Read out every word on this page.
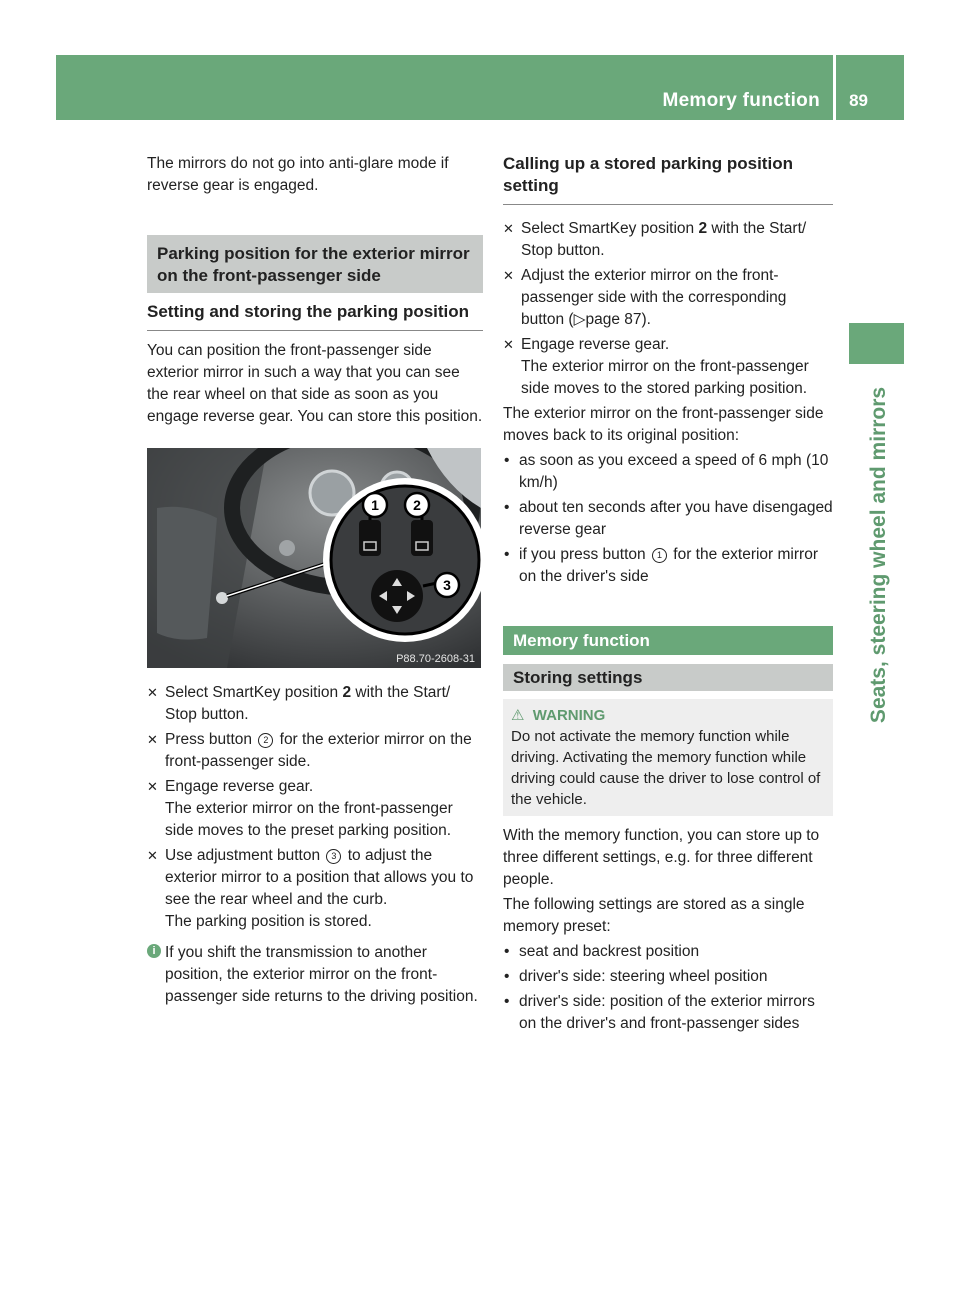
Memory function 89
Seats, steering wheel and mirrors

The mirrors do not go into anti-glare mode if reverse gear is engaged.

Parking position for the exterior mirror on the front-passenger side
Setting and storing the parking position

You can position the front-passenger side exterior mirror in such a way that you can see the rear wheel on that side as soon as you engage reverse gear. You can store this position.

1 2
3
P88.70-2608-31
✕ Select SmartKey position 2 with the Start/ Stop button.
✕ Press button 2 for the exterior mirror on the front-passenger side.
✕ Engage reverse gear.
The exterior mirror on the front-passenger side moves to the preset parking position.
✕ Use adjustment button 3 to adjust the exterior mirror to a position that allows you to see the rear wheel and the curb.
The parking position is stored.
i If you shift the transmission to another position, the exterior mirror on the front-passenger side returns to the driving position.
Calling up a stored parking position setting
✕ Select SmartKey position 2 with the Start/ Stop button.
✕ Adjust the exterior mirror on the front-passenger side with the corresponding button (▷page 87).
✕ Engage reverse gear.
The exterior mirror on the front-passenger side moves to the stored parking position.

The exterior mirror on the front-passenger side moves back to its original position:

• as soon as you exceed a speed of 6 mph (10 km/h)
• about ten seconds after you have disengaged reverse gear
• if you press button 1 for the exterior mirror on the driver's side
Memory function
Storing settings
⚠ WARNING
Do not activate the memory function while driving. Activating the memory function while driving could cause the driver to lose control of the vehicle.

With the memory function, you can store up to three different settings, e.g. for three different people.

The following settings are stored as a single memory preset:

• seat and backrest position
• driver's side: steering wheel position
• driver's side: position of the exterior mirrors on the driver's and front-passenger sides
